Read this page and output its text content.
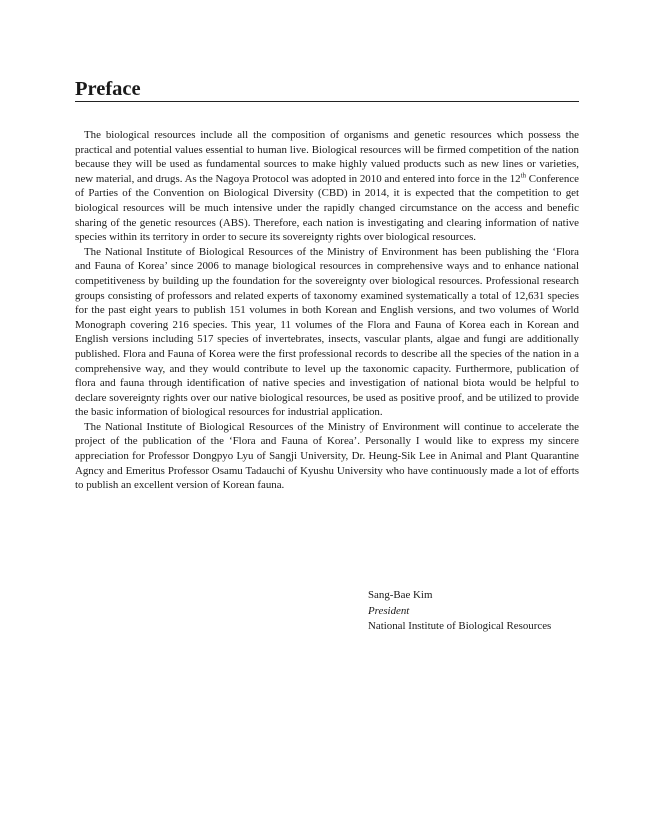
Preface

The biological resources include all the composition of organisms and genetic resources which possess the practical and potential values essential to human live. Biological resources will be firmed competition of the nation because they will be used as fundamental sources to make highly valued products such as new lines or varieties, new material, and drugs. As the Nagoya Protocol was adopted in 2010 and entered into force in the 12th Conference of Parties of the Convention on Biological Diversity (CBD) in 2014, it is expected that the competition to get biological resources will be much intensive under the rapidly changed circumstance on the access and benefic sharing of the genetic resources (ABS). Therefore, each nation is investigating and clearing information of native species within its territory in order to secure its sovereignty rights over biological resources.

The National Institute of Biological Resources of the Ministry of Environment has been publishing the ‘Flora and Fauna of Korea’ since 2006 to manage biological resources in comprehensive ways and to enhance national competitiveness by building up the foundation for the sovereignty over biological resources. Professional research groups consisting of professors and related experts of taxonomy examined systematically a total of 12,631 species for the past eight years to publish 151 volumes in both Korean and English versions, and two volumes of World Monograph covering 216 species. This year, 11 volumes of the Flora and Fauna of Korea each in Korean and English versions including 517 species of invertebrates, insects, vascular plants, algae and fungi are additionally published. Flora and Fauna of Korea were the first professional records to describe all the species of the nation in a comprehensive way, and they would contribute to level up the taxonomic capacity. Furthermore, publication of flora and fauna through identification of native species and investigation of national biota would be helpful to declare sovereignty rights over our native biological resources, be used as positive proof, and be utilized to provide the basic information of biological resources for industrial application.

The National Institute of Biological Resources of the Ministry of Environment will continue to accelerate the project of the publication of the ‘Flora and Fauna of Korea’. Personally I would like to express my sincere appreciation for Professor Dongpyo Lyu of Sangji University, Dr. Heung-Sik Lee in Animal and Plant Quarantine Agncy and Emeritus Professor Osamu Tadauchi of Kyushu University who have continuously made a lot of efforts to publish an excellent version of Korean fauna.

Sang-Bae Kim
President
National Institute of Biological Resources
